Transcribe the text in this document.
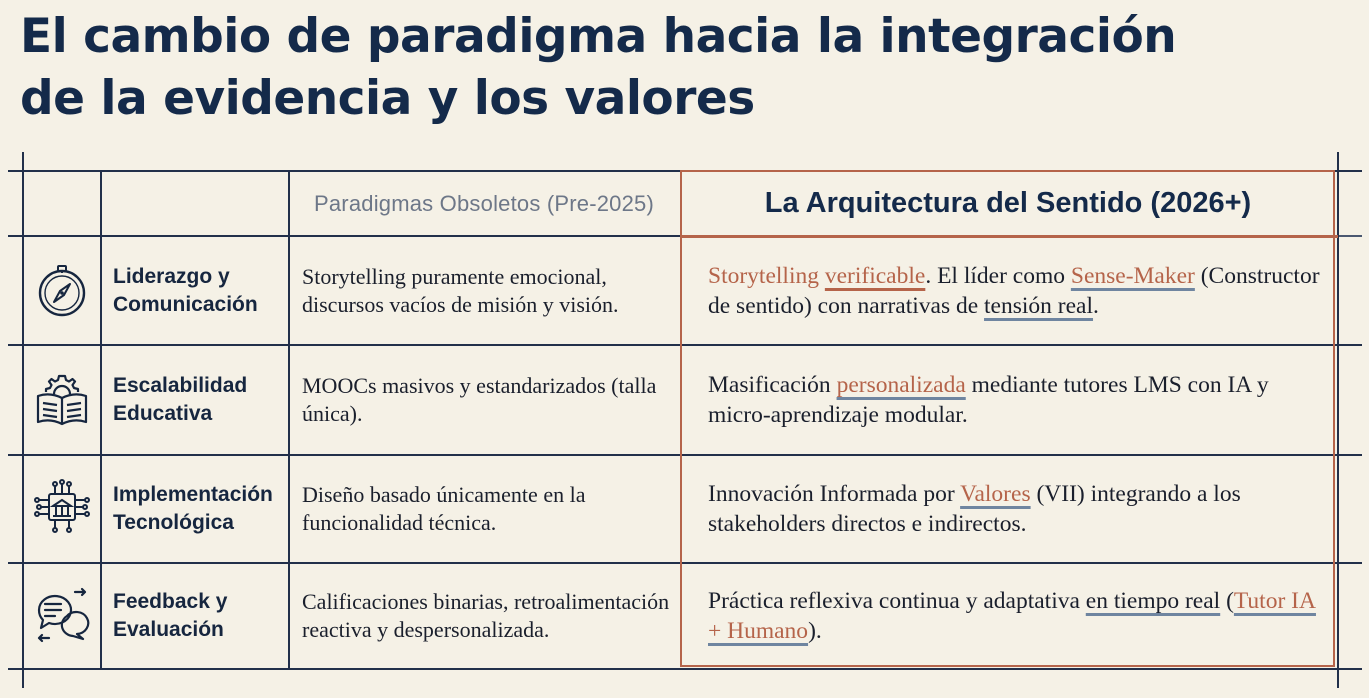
El cambio de paradigma hacia la integración
de la evidencia y los valores
Paradigmas Obsoletos (Pre-2025)	La Arquitectura del Sentido (2026+)

Liderazgo y Comunicación

Storytelling puramente emocional, discursos vacíos de misión y visión.

Storytelling verificable. El líder como Sense-Maker (Constructor de sentido) con narrativas de tensión real.

Escalabilidad Educativa

MOOCs masivos y estandarizados (talla única).

Masificación personalizada mediante tutores LMS con IA y micro-aprendizaje modular.

Implementación Tecnológica

Diseño basado únicamente en la funcionalidad técnica.

Innovación Informada por Valores (VII) integrando a los stakeholders directos e indirectos.

Feedback y Evaluación

Calificaciones binarias, retroalimentación reactiva y despersonalizada.

Práctica reflexiva continua y adaptativa en tiempo real (Tutor IA + Humano).
